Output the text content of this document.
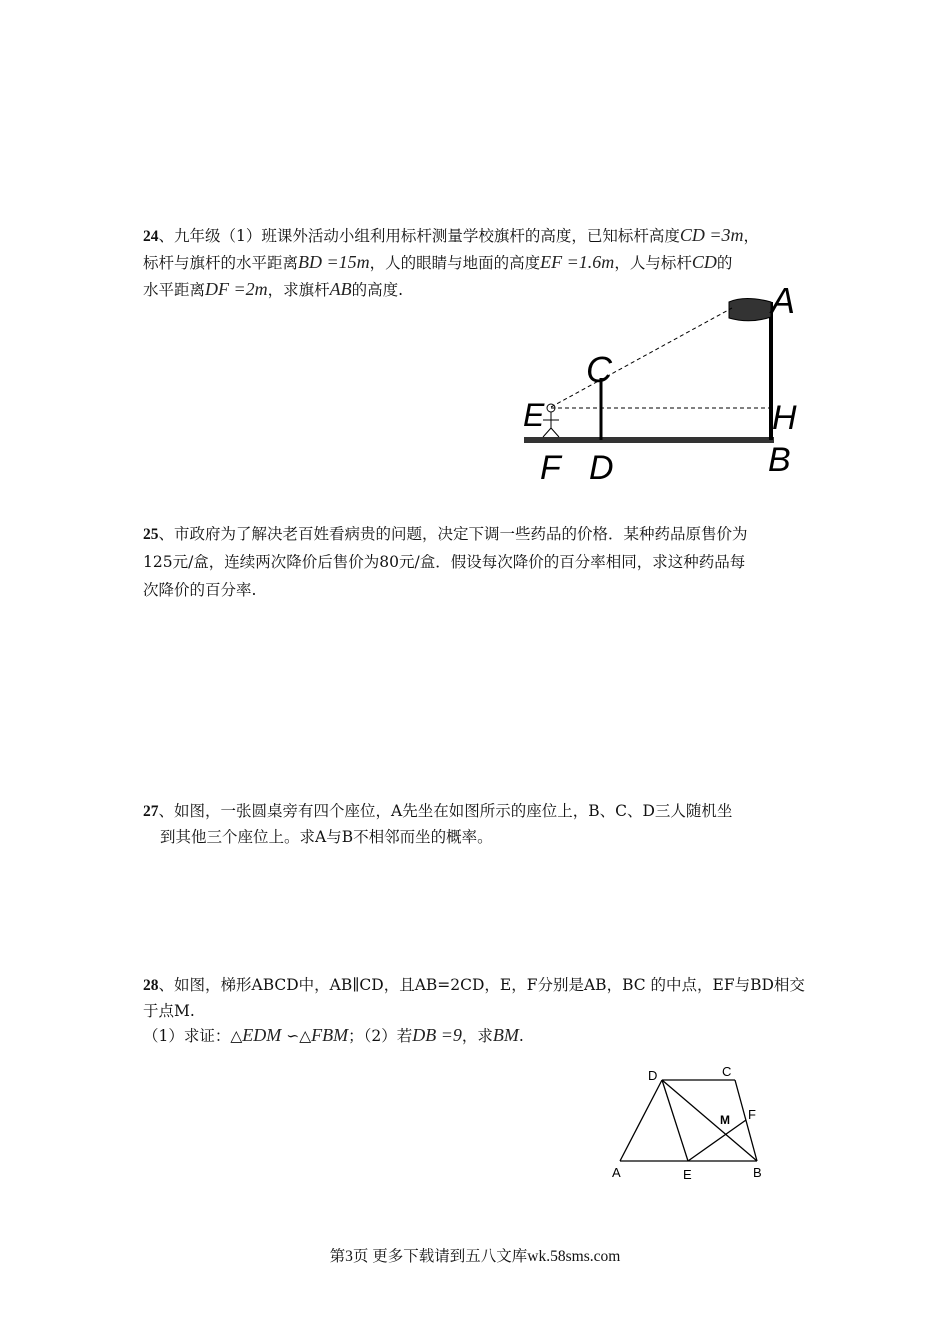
24、九年级（1）班课外活动小组利用标杆测量学校旗杆的高度，已知标杆高度CD =3m，
标杆与旗杆的水平距离BD =15m，人的眼睛与地面的高度EF =1.6m，人与标杆CD的
水平距离DF =2m，求旗杆AB的高度.	A
C
E	H
B
F D
25、市政府为了解决老百姓看病贵的问题，决定下调一些药品的价格．某种药品原售价为
125元/盒，连续两次降价后售价为80元/盒．假设每次降价的百分率相同，求这种药品每
次降价的百分率.
27、如图，一张圆桌旁有四个座位，A先坐在如图所示的座位上，B、C、D三人随机坐
到其他三个座位上。求A与B不相邻而坐的概率。
28、如图，梯形ABCD中，AB∥CD，且AB=2CD，E，F分别是AB，BC 的中点，EF与BD相交
于点M.
（1）求证：△EDM ∽△FBM；（2）若DB =9，求BM.
D	C
M F
A	E	B
第3页 更多下载请到五八文库wk.58sms.com
